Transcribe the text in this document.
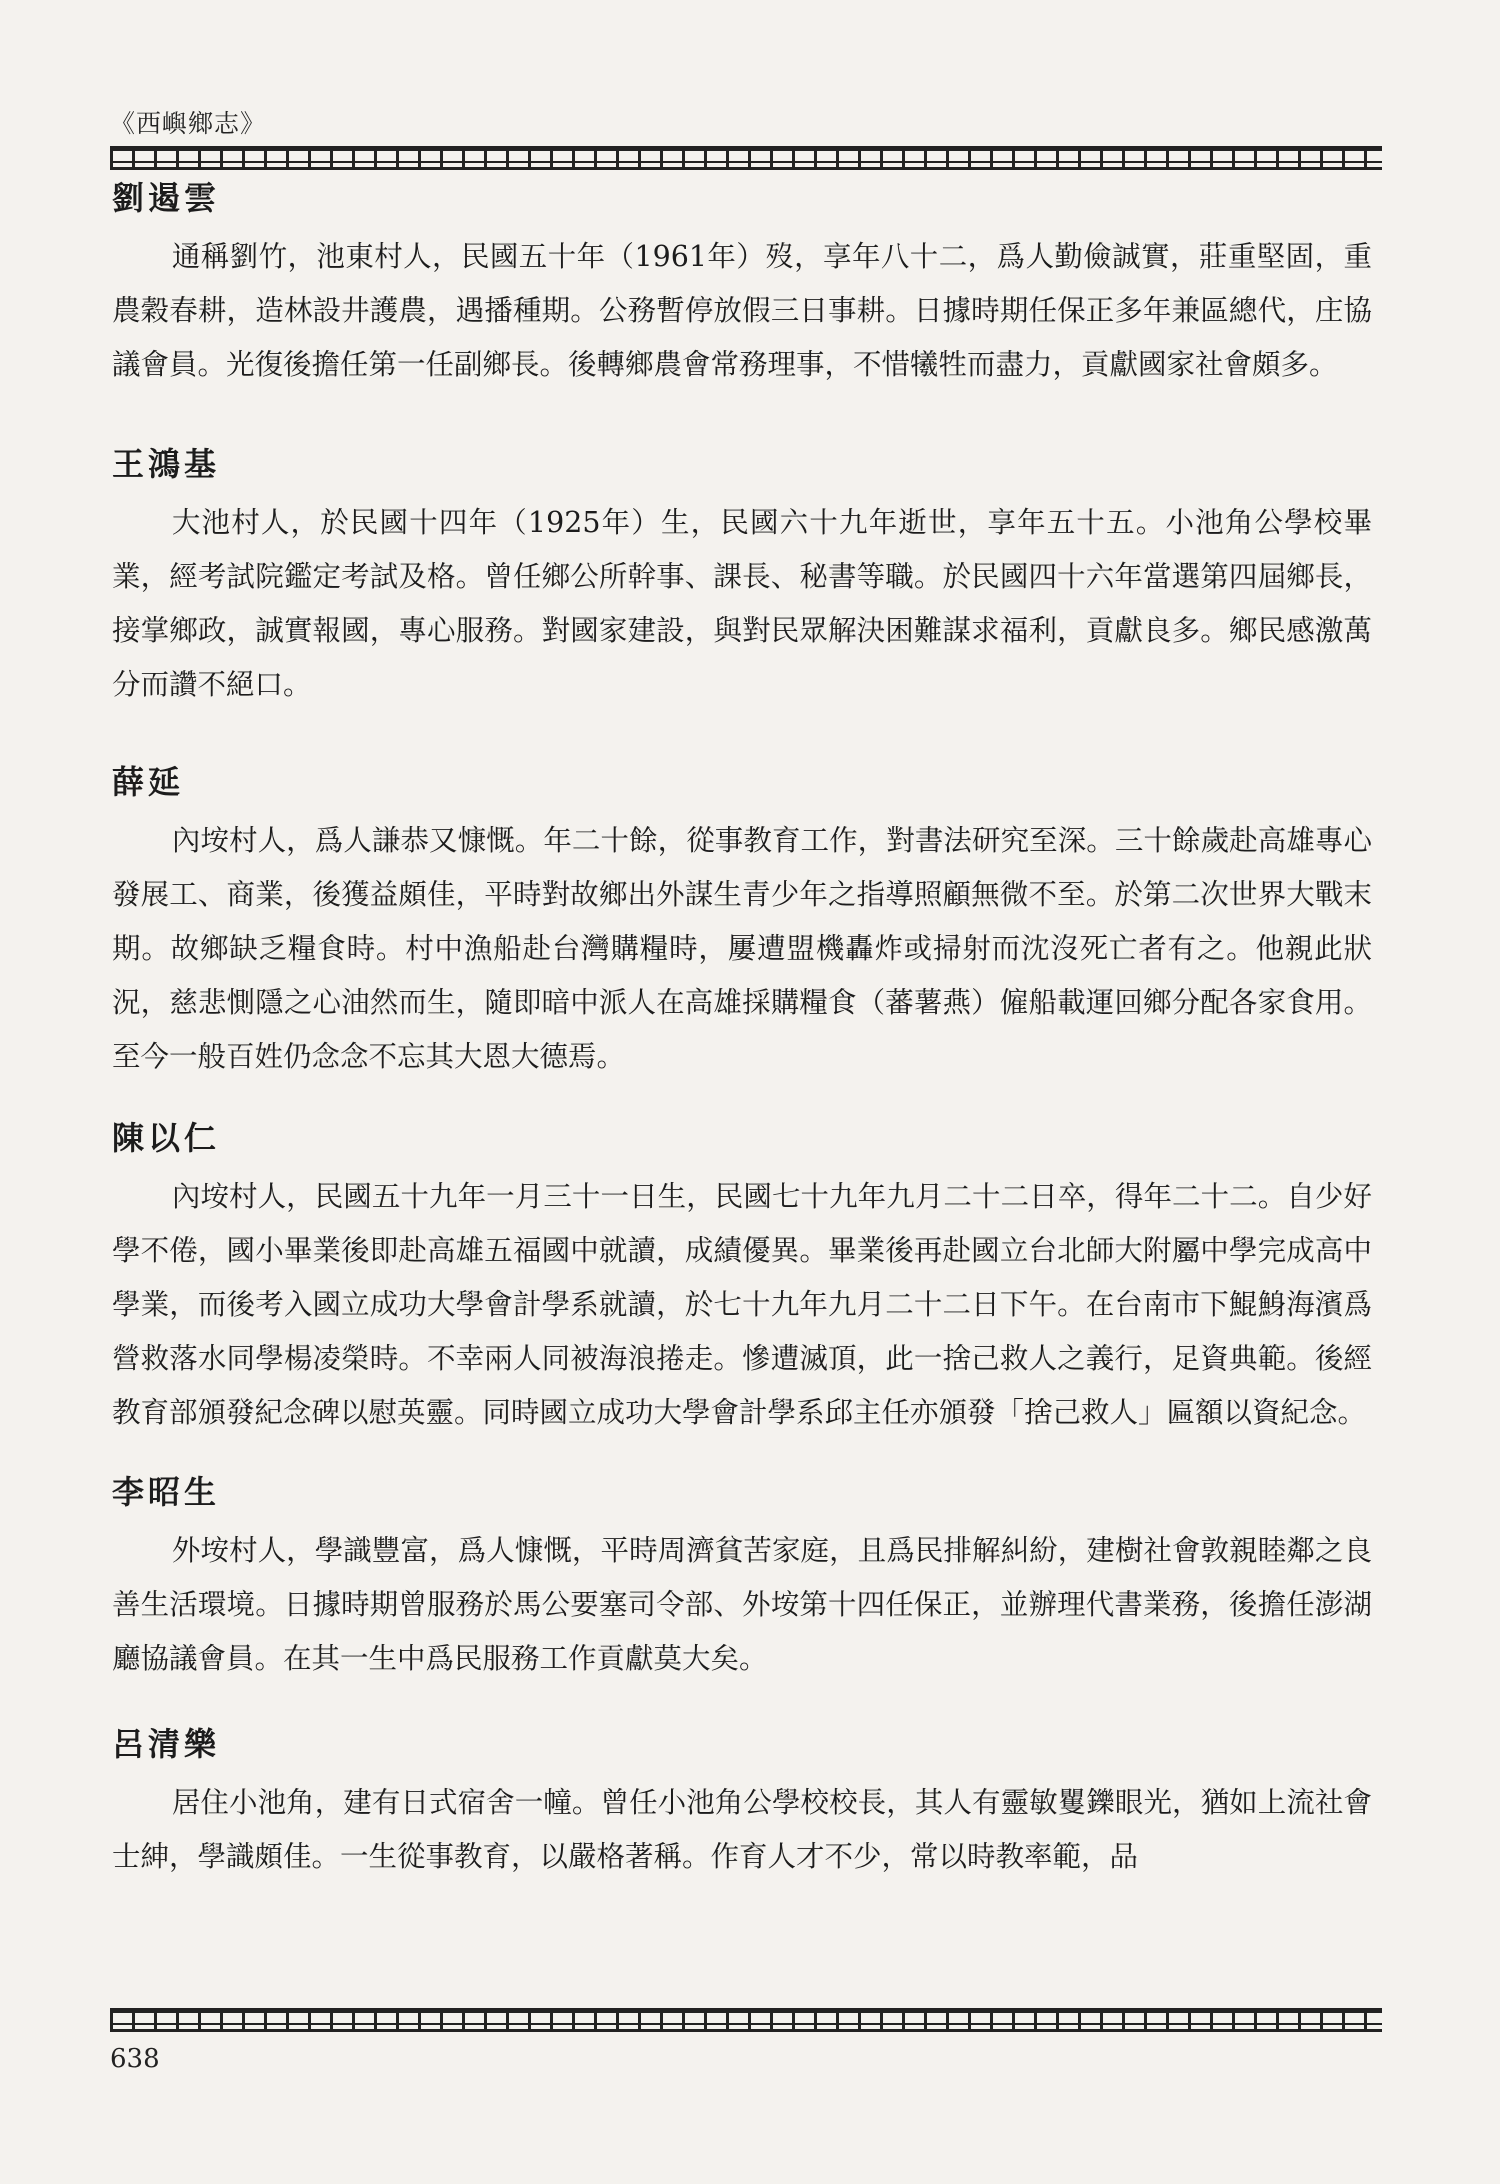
《西嶼鄉志》
劉遏雲

通稱劉竹，池東村人，民國五十年（1961年）歿，享年八十二，爲人勤儉誠實，莊重堅固，重農穀春耕，造林設井護農，遇播種期。公務暫停放假三日事耕。日據時期任保正多年兼區總代，庄協議會員。光復後擔任第一任副鄉長。後轉鄉農會常務理事，不惜犧牲而盡力，貢獻國家社會頗多。

王鴻基

大池村人，於民國十四年（1925年）生，民國六十九年逝世，享年五十五。小池角公學校畢業，經考試院鑑定考試及格。曾任鄉公所幹事、課長、秘書等職。於民國四十六年當選第四屆鄉長，接掌鄉政，誠實報國，專心服務。對國家建設，與對民眾解決困難謀求福利，貢獻良多。鄉民感激萬分而讚不絕口。

薛延

內垵村人，爲人謙恭又慷慨。年二十餘，從事教育工作，對書法研究至深。三十餘歲赴高雄專心發展工、商業，後獲益頗佳，平時對故鄉出外謀生青少年之指導照顧無微不至。於第二次世界大戰末期。故鄉缺乏糧食時。村中漁船赴台灣購糧時，屢遭盟機轟炸或掃射而沈沒死亡者有之。他親此狀況，慈悲惻隱之心油然而生，隨即暗中派人在高雄採購糧食（蕃薯燕）僱船載運回鄉分配各家食用。至今一般百姓仍念念不忘其大恩大德焉。

陳以仁

內垵村人，民國五十九年一月三十一日生，民國七十九年九月二十二日卒，得年二十二。自少好學不倦，國小畢業後即赴高雄五福國中就讀，成績優異。畢業後再赴國立台北師大附屬中學完成高中學業，而後考入國立成功大學會計學系就讀，於七十九年九月二十二日下午。在台南市下鯤鯓海濱爲營救落水同學楊凌榮時。不幸兩人同被海浪捲走。慘遭滅頂，此一捨己救人之義行，足資典範。後經教育部頒發紀念碑以慰英靈。同時國立成功大學會計學系邱主任亦頒發「捨己救人」匾額以資紀念。

李昭生

外垵村人，學識豐富，爲人慷慨，平時周濟貧苦家庭，且爲民排解糾紛，建樹社會敦親睦鄰之良善生活環境。日據時期曾服務於馬公要塞司令部、外垵第十四任保正，並辦理代書業務，後擔任澎湖廳協議會員。在其一生中爲民服務工作貢獻莫大矣。

呂清樂

居住小池角，建有日式宿舍一幢。曾任小池角公學校校長，其人有靈敏矍鑠眼光，猶如上流社會士紳，學識頗佳。一生從事教育，以嚴格著稱。作育人才不少，常以時教率範，品

638
